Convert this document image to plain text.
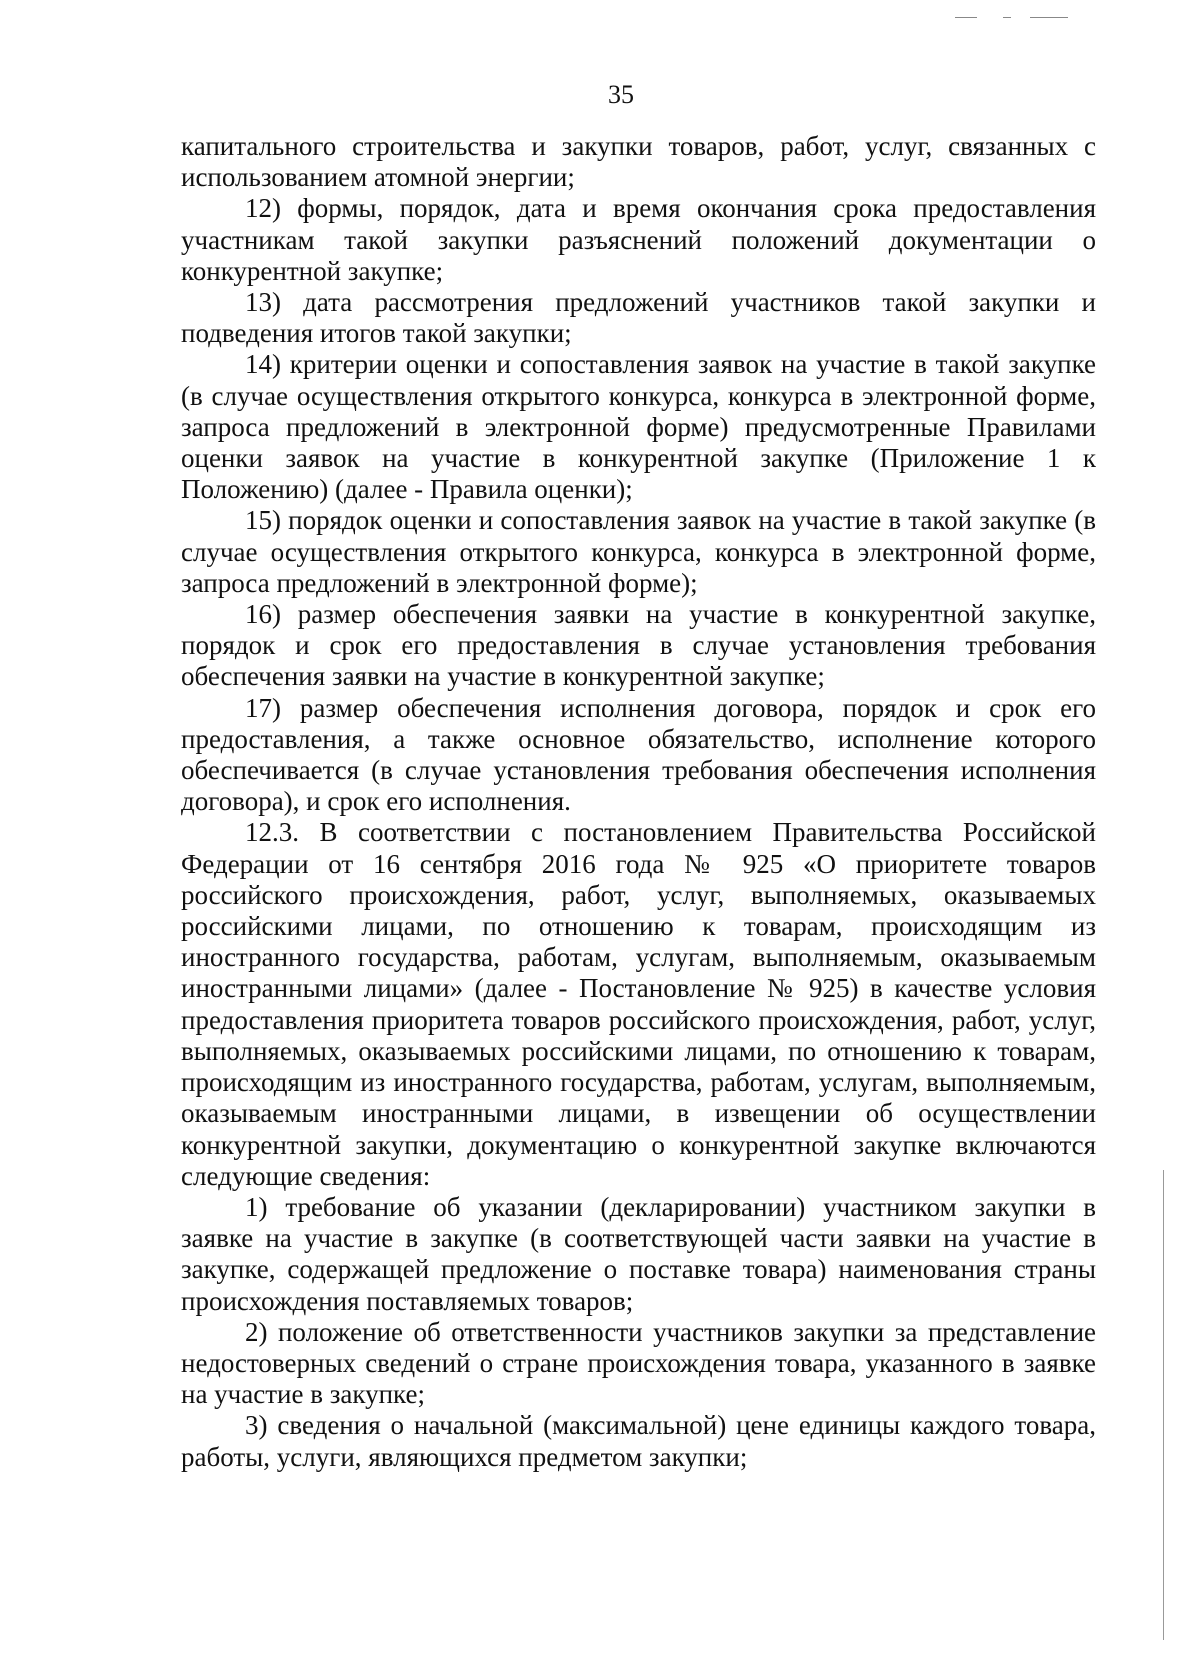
35

капитального строительства и закупки товаров, работ, услуг, связанных с использованием атомной энергии;

12) формы, порядок, дата и время окончания срока предоставления участникам такой закупки разъяснений положений документации о конкурентной закупке;

13) дата рассмотрения предложений участников такой закупки и подведения итогов такой закупки;

14) критерии оценки и сопоставления заявок на участие в такой закупке (в случае осуществления открытого конкурса, конкурса в электронной форме, запроса предложений в электронной форме) предусмотренные Правилами оценки заявок на участие в конкурентной закупке (Приложение 1 к Положению) (далее - Правила оценки);

15) порядок оценки и сопоставления заявок на участие в такой закупке (в случае осуществления открытого конкурса, конкурса в электронной форме, запроса предложений в электронной форме);

16) размер обеспечения заявки на участие в конкурентной закупке, порядок и срок его предоставления в случае установления требования обеспечения заявки на участие в конкурентной закупке;

17) размер обеспечения исполнения договора, порядок и срок его предоставления, а также основное обязательство, исполнение которого обеспечивается (в случае установления требования обеспечения исполнения договора), и срок его исполнения.

12.3. В соответствии с постановлением Правительства Российской Федерации от 16 сентября 2016 года № 925 «О приоритете товаров российского происхождения, работ, услуг, выполняемых, оказываемых российскими лицами, по отношению к товарам, происходящим из иностранного государства, работам, услугам, выполняемым, оказываемым иностранными лицами» (далее - Постановление № 925) в качестве условия предоставления приоритета товаров российского происхождения, работ, услуг, выполняемых, оказываемых российскими лицами, по отношению к товарам, происходящим из иностранного государства, работам, услугам, выполняемым, оказываемым иностранными лицами, в извещении об осуществлении конкурентной закупки, документацию о конкурентной закупке включаются следующие сведения:

1) требование об указании (декларировании) участником закупки в заявке на участие в закупке (в соответствующей части заявки на участие в закупке, содержащей предложение о поставке товара) наименования страны происхождения поставляемых товаров;

2) положение об ответственности участников закупки за представление недостоверных сведений о стране происхождения товара, указанного в заявке на участие в закупке;

3) сведения о начальной (максимальной) цене единицы каждого товара, работы, услуги, являющихся предметом закупки;
